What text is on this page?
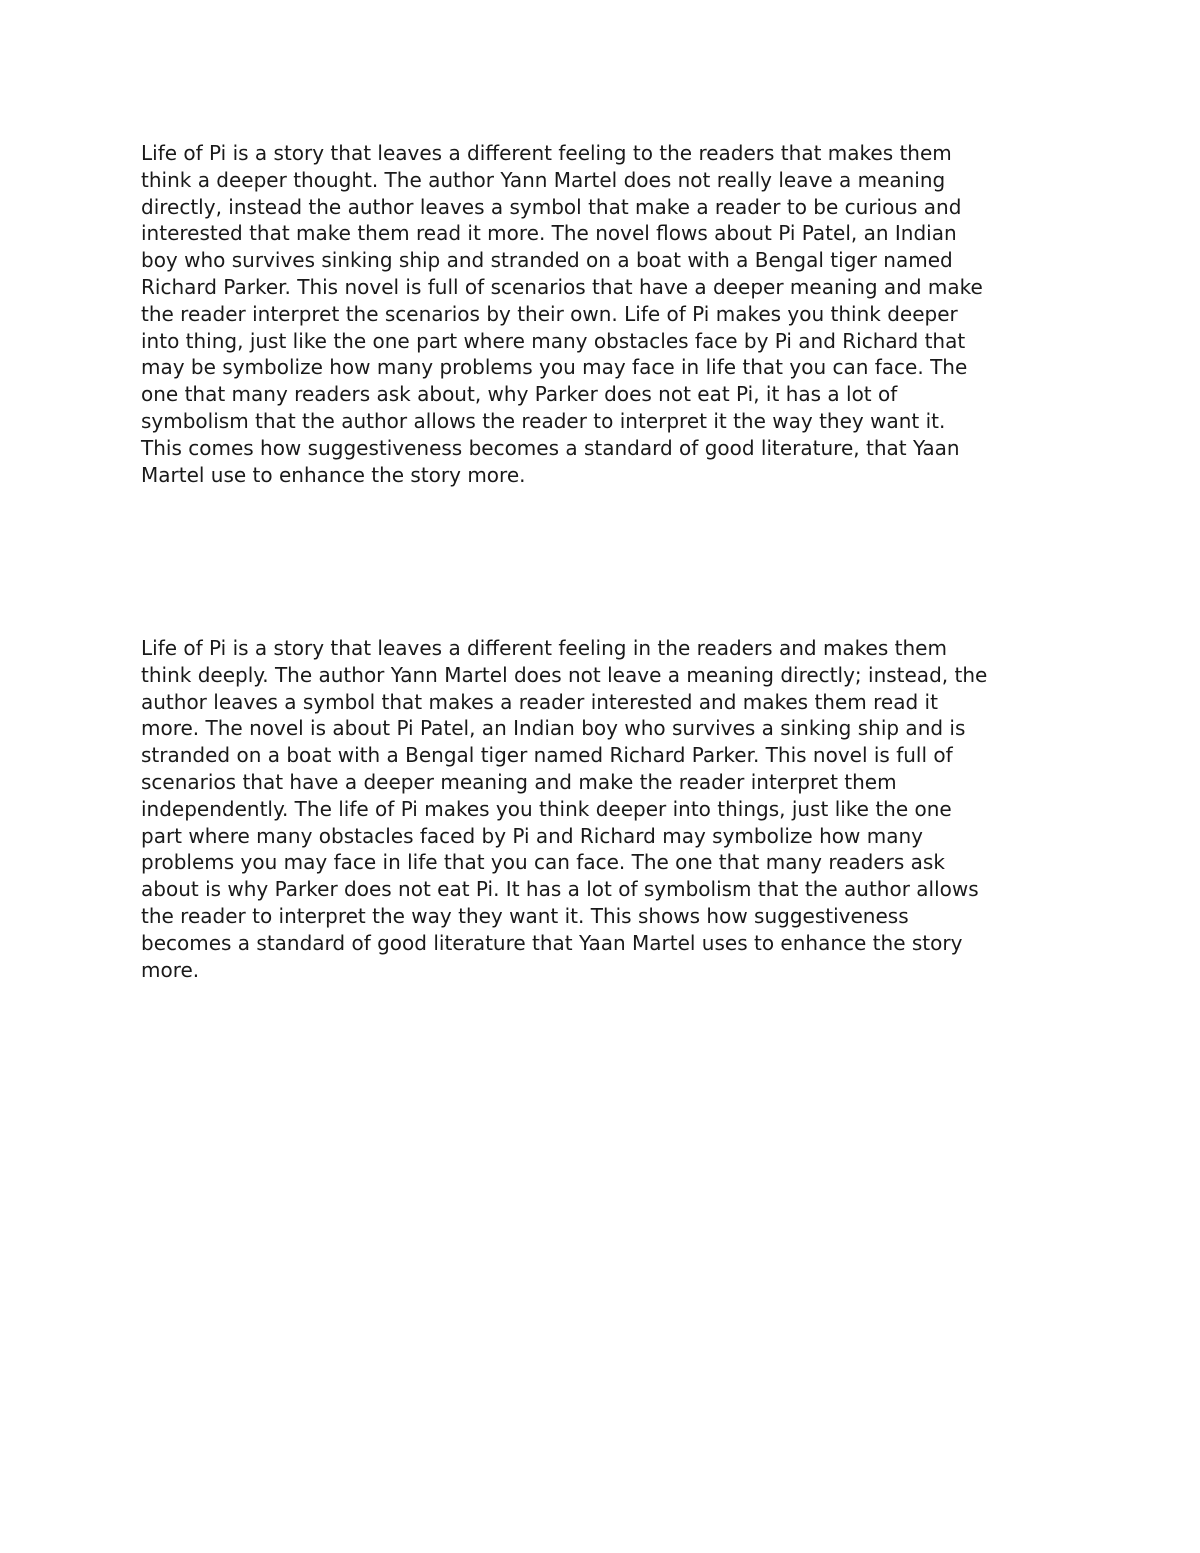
Life of Pi is a story that leaves a different feeling to the readers that makes them
think a deeper thought. The author Yann Martel does not really leave a meaning
directly, instead the author leaves a symbol that make a reader to be curious and
interested that make them read it more. The novel flows about Pi Patel, an Indian
boy who survives sinking ship and stranded on a boat with a Bengal tiger named
Richard Parker. This novel is full of scenarios that have a deeper meaning and make
the reader interpret the scenarios by their own. Life of Pi makes you think deeper
into thing, just like the one part where many obstacles face by Pi and Richard that
may be symbolize how many problems you may face in life that you can face. The
one that many readers ask about, why Parker does not eat Pi, it has a lot of
symbolism that the author allows the reader to interpret it the way they want it.
This comes how suggestiveness becomes a standard of good literature, that Yaan
Martel use to enhance the story more.

Life of Pi is a story that leaves a different feeling in the readers and makes them
think deeply. The author Yann Martel does not leave a meaning directly; instead, the
author leaves a symbol that makes a reader interested and makes them read it
more. The novel is about Pi Patel, an Indian boy who survives a sinking ship and is
stranded on a boat with a Bengal tiger named Richard Parker. This novel is full of
scenarios that have a deeper meaning and make the reader interpret them
independently. The life of Pi makes you think deeper into things, just like the one
part where many obstacles faced by Pi and Richard may symbolize how many
problems you may face in life that you can face. The one that many readers ask
about is why Parker does not eat Pi. It has a lot of symbolism that the author allows
the reader to interpret the way they want it. This shows how suggestiveness
becomes a standard of good literature that Yaan Martel uses to enhance the story
more.
